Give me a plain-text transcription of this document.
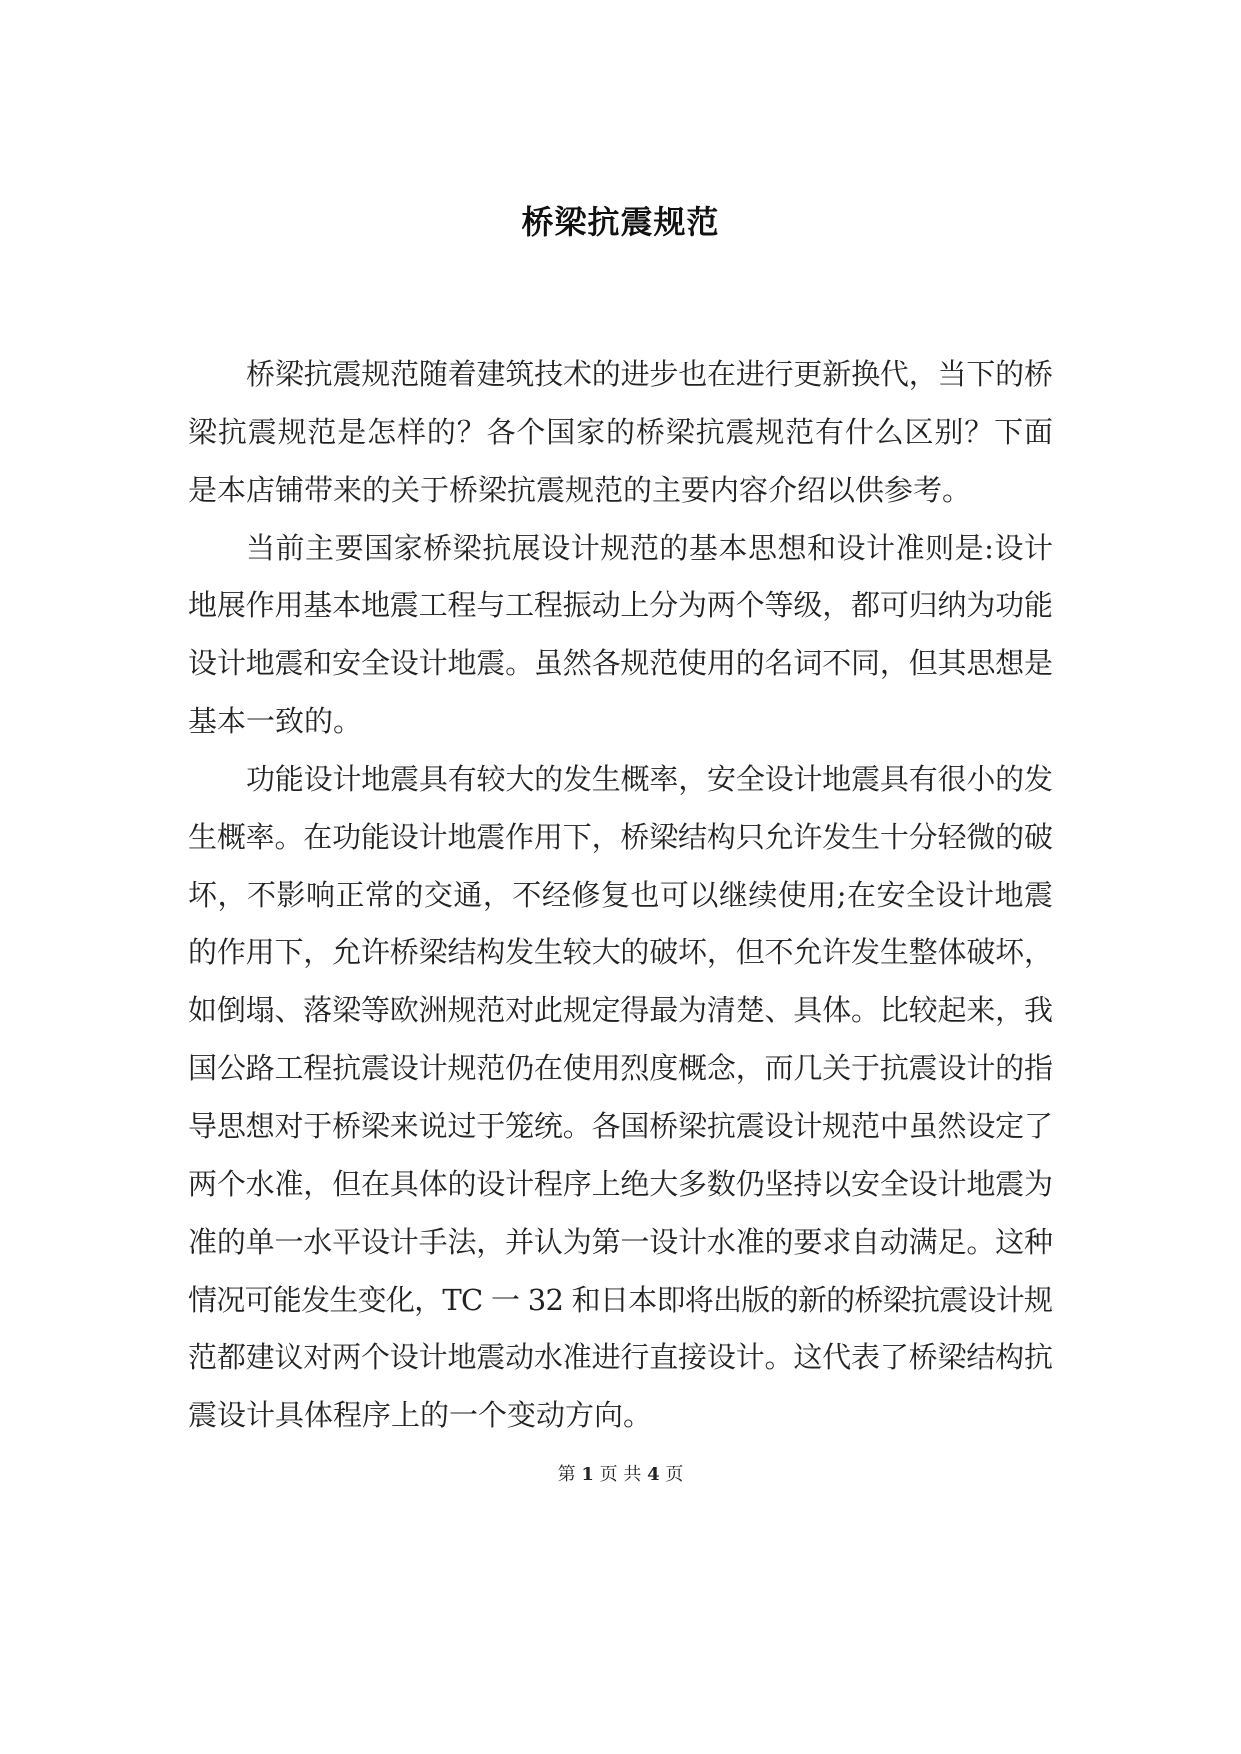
桥梁抗震规范
桥梁抗震规范随着建筑技术的进步也在进行更新换代，当下的桥
梁抗震规范是怎样的？各个国家的桥梁抗震规范有什么区别？下面
是本店铺带来的关于桥梁抗震规范的主要内容介绍以供参考。
当前主要国家桥梁抗展设计规范的基本思想和设计准则是:设计
地展作用基本地震工程与工程振动上分为两个等级，都可归纳为功能
设计地震和安全设计地震。虽然各规范使用的名词不同，但其思想是
基本一致的。
功能设计地震具有较大的发生概率，安全设计地震具有很小的发
生概率。在功能设计地震作用下，桥梁结构只允许发生十分轻微的破
坏，不影响正常的交通，不经修复也可以继续使用;在安全设计地震
的作用下，允许桥梁结构发生较大的破坏，但不允许发生整体破坏，
如倒塌、落梁等欧洲规范对此规定得最为清楚、具体。比较起来，我
国公路工程抗震设计规范仍在使用烈度概念，而几关于抗震设计的指
导思想对于桥梁来说过于笼统。各国桥梁抗震设计规范中虽然设定了
两个水准，但在具体的设计程序上绝大多数仍坚持以安全设计地震为
准的单一水平设计手法，并认为第一设计水准的要求自动满足。这种
情况可能发生变化，TC 一 32 和日本即将出版的新的桥梁抗震设计规
范都建议对两个设计地震动水准进行直接设计。这代表了桥梁结构抗
震设计具体程序上的一个变动方向。
第 1 页 共 4 页
